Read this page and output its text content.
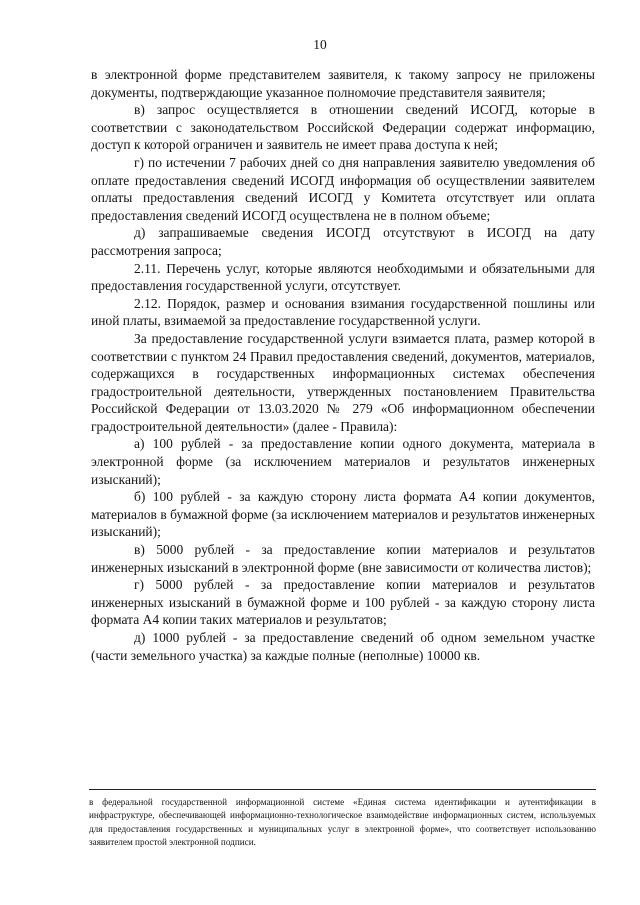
10

в электронной форме представителем заявителя, к такому запросу не приложены документы, подтверждающие указанное полномочие представителя заявителя;

в) запрос осуществляется в отношении сведений ИСОГД, которые в соответствии с законодательством Российской Федерации содержат информацию, доступ к которой ограничен и заявитель не имеет права доступа к ней;

г) по истечении 7 рабочих дней со дня направления заявителю уведомления об оплате предоставления сведений ИСОГД информация об осуществлении заявителем оплаты предоставления сведений ИСОГД у Комитета отсутствует или оплата предоставления сведений ИСОГД осуществлена не в полном объеме;

д) запрашиваемые сведения ИСОГД отсутствуют в ИСОГД на дату рассмотрения запроса;

2.11. Перечень услуг, которые являются необходимыми и обязательными для предоставления государственной услуги, отсутствует.

2.12. Порядок, размер и основания взимания государственной пошлины или иной платы, взимаемой за предоставление государственной услуги.

За предоставление государственной услуги взимается плата, размер которой в соответствии с пунктом 24 Правил предоставления сведений, документов, материалов, содержащихся в государственных информационных системах обеспечения градостроительной деятельности, утвержденных постановлением Правительства Российской Федерации от 13.03.2020 № 279 «Об информационном обеспечении градостроительной деятельности» (далее - Правила):

а) 100 рублей - за предоставление копии одного документа, материала в электронной форме (за исключением материалов и результатов инженерных изысканий);

б) 100 рублей - за каждую сторону листа формата А4 копии документов, материалов в бумажной форме (за исключением материалов и результатов инженерных изысканий);

в) 5000 рублей - за предоставление копии материалов и результатов инженерных изысканий в электронной форме (вне зависимости от количества листов);

г) 5000 рублей - за предоставление копии материалов и результатов инженерных изысканий в бумажной форме и 100 рублей - за каждую сторону листа формата А4 копии таких материалов и результатов;

д) 1000 рублей - за предоставление сведений об одном земельном участке (части земельного участка) за каждые полные (неполные) 10000 кв.

в федеральной государственной информационной системе «Единая система идентификации и аутентификации в инфраструктуре, обеспечивающей информационно-технологическое взаимодействие информационных систем, используемых для предоставления государственных и муниципальных услуг в электронной форме», что соответствует использованию заявителем простой электронной подписи.
